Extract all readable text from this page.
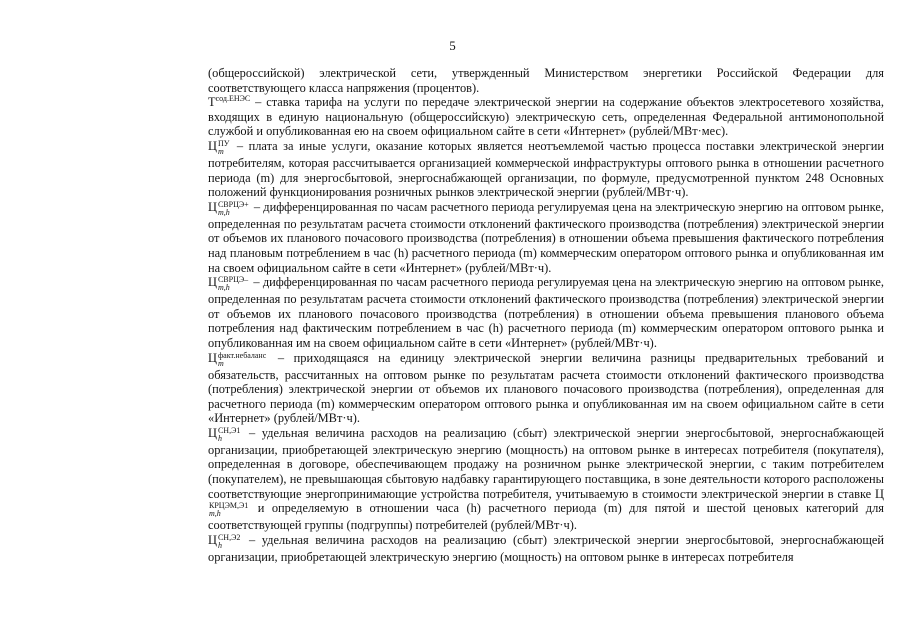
5

(общероссийской) электрической сети, утвержденный Министерством энергетики Российской Федерации для соответствующего класса напряжения (процентов).

$T^{сод.ЕНЭС}$ – ставка тарифа на услуги по передаче электрической энергии на содержание объектов электросетевого хозяйства, входящих в единую национальную (общероссийскую) электрическую сеть, определенная Федеральной антимонопольной службой и опубликованная ею на своем официальном сайте в сети «Интернет» (рублей/МВт·мес).

Ц ПУ
m	– плата за иные услуги, оказание которых является неотъемлемой частью процесса поставки электрической энергии потребителям, которая рассчитывается организацией коммерческой инфраструктуры оптового рынка в отношении расчетного периода (m) для энергосбытовой, энергоснабжающей организации, по формуле, предусмотренной пунктом 248 Основных положений функционирования розничных рынков электрической энергии (рублей/МВт·ч).

Ц СВРЦЭ+
m,h	– дифференцированная по часам расчетного периода регулируемая цена на электрическую энергию на оптовом рынке, определенная по результатам расчета стоимости отклонений фактического производства (потребления) электрической энергии от объемов их планового почасового производства (потребления) в отношении объема превышения фактического потребления над плановым потреблением в час (h) расчетного периода (m) коммерческим оператором оптового рынка и опубликованная им на своем официальном сайте в сети «Интернет» (рублей/МВт·ч).

Ц СВРЦЭ–
m,h	– дифференцированная по часам расчетного периода регулируемая цена на электрическую энергию на оптовом рынке, определенная по результатам расчета стоимости отклонений фактического производства (потребления) электрической энергии от объемов их планового почасового производства (потребления) в отношении объема превышения планового объема потребления над фактическим потреблением в час (h) расчетного периода (m) коммерческим оператором оптового рынка и опубликованная им на своем официальном сайте в сети «Интернет» (рублей/МВт·ч).

Ц факт.небаланс
m	– приходящаяся на единицу электрической энергии величина разницы предварительных требований и обязательств, рассчитанных на оптовом рынке по результатам расчета стоимости отклонений фактического производства (потребления) электрической энергии от объемов их планового почасового производства (потребления), определенная для расчетного периода (m) коммерческим оператором оптового рынка и опубликованная им на своем официальном сайте в сети «Интернет» (рублей/МВт·ч).

Ц СН,Э1
h	– удельная величина расходов на реализацию (сбыт) электрической энергии энергосбытовой, энергоснабжающей организации, приобретающей электрическую энергию (мощность) на оптовом рынке в интересах потребителя (покупателя), определенная в договоре, обеспечивающем продажу на розничном рынке электрической энергии, с таким потребителем (покупателем), не превышающая сбытовую надбавку гарантирующего поставщика, в зоне деятельности которого расположены соответствующие энергопринимающие устройства потребителя, учитываемую в стоимости электрической энергии в ставке Ц
КРЦЭМ,Э1
m,h	и определяемую в отношении часа (h) расчетного периода (m) для пятой и шестой ценовых категорий для соответствующей группы (подгруппы) потребителей (рублей/МВт·ч).

Ц СН,Э2
h	– удельная величина расходов на реализацию (сбыт) электрической энергии энергосбытовой, энергоснабжающей организации, приобретающей электрическую энергию (мощность) на оптовом рынке в интересах потребителя
